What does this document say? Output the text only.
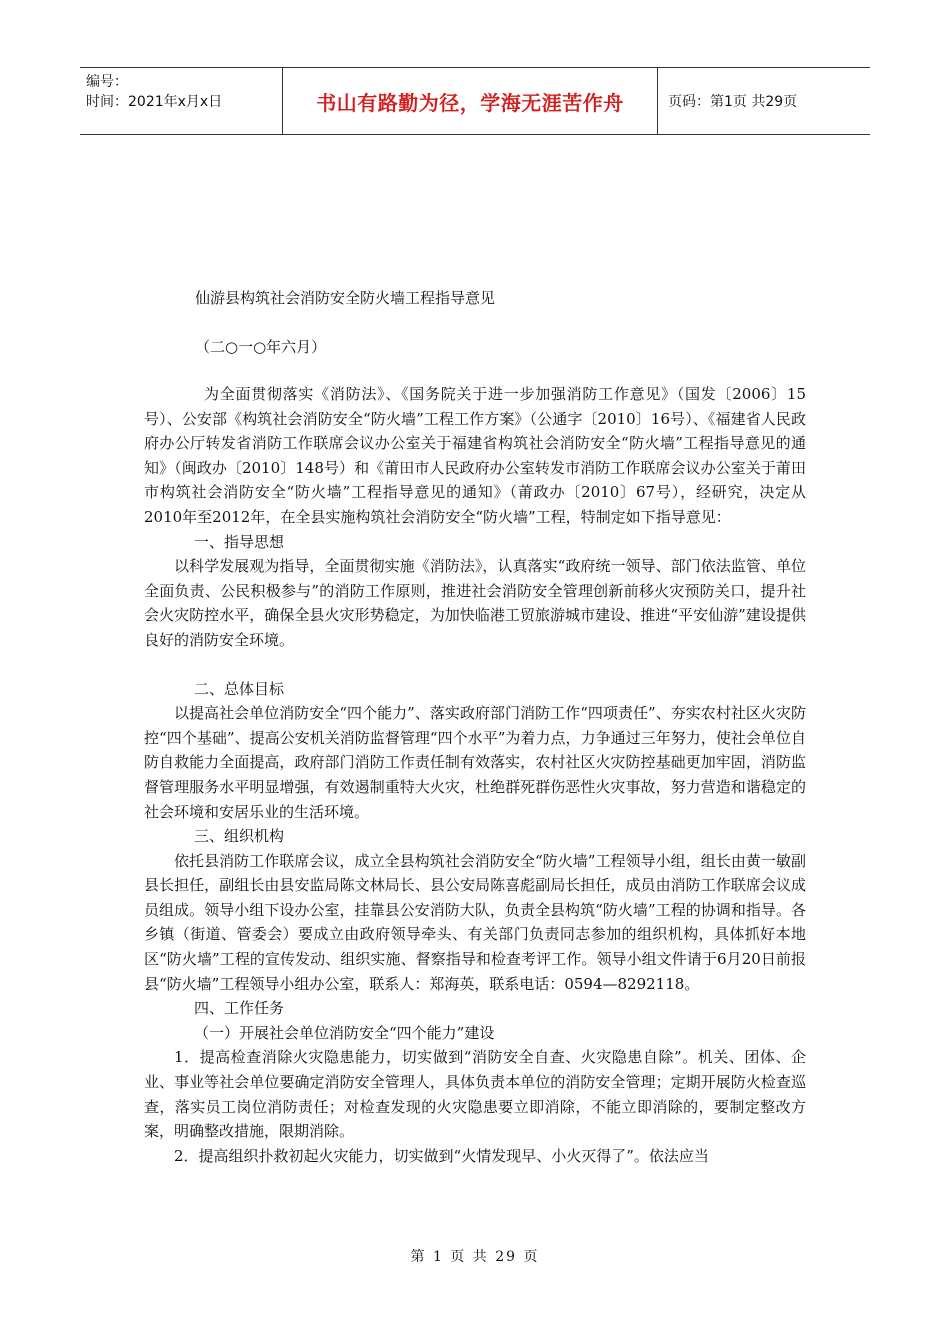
编号：
时间：2021年x月x日	书山有路勤为径，学海无涯苦作舟	页码：第1页 共29页
仙游县构筑社会消防安全防火墙工程指导意见
（二○一○年六月）

为全面贯彻落实《消防法》、《国务院关于进一步加强消防工作意见》（国发〔2006〕15号）、公安部《构筑社会消防安全“防火墙”工程工作方案》（公通字〔2010〕16号）、《福建省人民政府办公厅转发省消防工作联席会议办公室关于福建省构筑社会消防安全“防火墙”工程指导意见的通知》（闽政办〔2010〕148号）和《莆田市人民政府办公室转发市消防工作联席会议办公室关于莆田市构筑社会消防安全“防火墙”工程指导意见的通知》（莆政办〔2010〕67号），经研究，决定从2010年至2012年，在全县实施构筑社会消防安全“防火墙”工程，特制定如下指导意见：

一、指导思想

以科学发展观为指导，全面贯彻实施《消防法》，认真落实“政府统一领导、部门依法监管、单位全面负责、公民积极参与”的消防工作原则，推进社会消防安全管理创新前移火灾预防关口，提升社会火灾防控水平，确保全县火灾形势稳定，为加快临港工贸旅游城市建设、推进“平安仙游”建设提供良好的消防安全环境。

二、总体目标

以提高社会单位消防安全“四个能力”、落实政府部门消防工作“四项责任”、夯实农村社区火灾防控“四个基础”、提高公安机关消防监督管理“四个水平”为着力点，力争通过三年努力，使社会单位自防自救能力全面提高，政府部门消防工作责任制有效落实，农村社区火灾防控基础更加牢固，消防监督管理服务水平明显增强，有效遏制重特大火灾，杜绝群死群伤恶性火灾事故，努力营造和谐稳定的社会环境和安居乐业的生活环境。

三、组织机构

依托县消防工作联席会议，成立全县构筑社会消防安全“防火墙”工程领导小组，组长由黄一敏副县长担任，副组长由县安监局陈文林局长、县公安局陈喜彪副局长担任，成员由消防工作联席会议成员组成。领导小组下设办公室，挂靠县公安消防大队，负责全县构筑“防火墙”工程的协调和指导。各乡镇（街道、管委会）要成立由政府领导牵头、有关部门负责同志参加的组织机构，具体抓好本地区“防火墙”工程的宣传发动、组织实施、督察指导和检查考评工作。领导小组文件请于6月20日前报县“防火墙”工程领导小组办公室，联系人：郑海英，联系电话：0594—8292118。

四、工作任务

（一）开展社会单位消防安全“四个能力”建设

1．提高检查消除火灾隐患能力，切实做到“消防安全自查、火灾隐患自除”。机关、团体、企业、事业等社会单位要确定消防安全管理人，具体负责本单位的消防安全管理；定期开展防火检查巡查，落实员工岗位消防责任；对检查发现的火灾隐患要立即消除，不能立即消除的，要制定整改方案，明确整改措施，限期消除。

2．提高组织扑救初起火灾能力，切实做到“火情发现早、小火灭得了”。依法应当

第 1 页 共 29 页
